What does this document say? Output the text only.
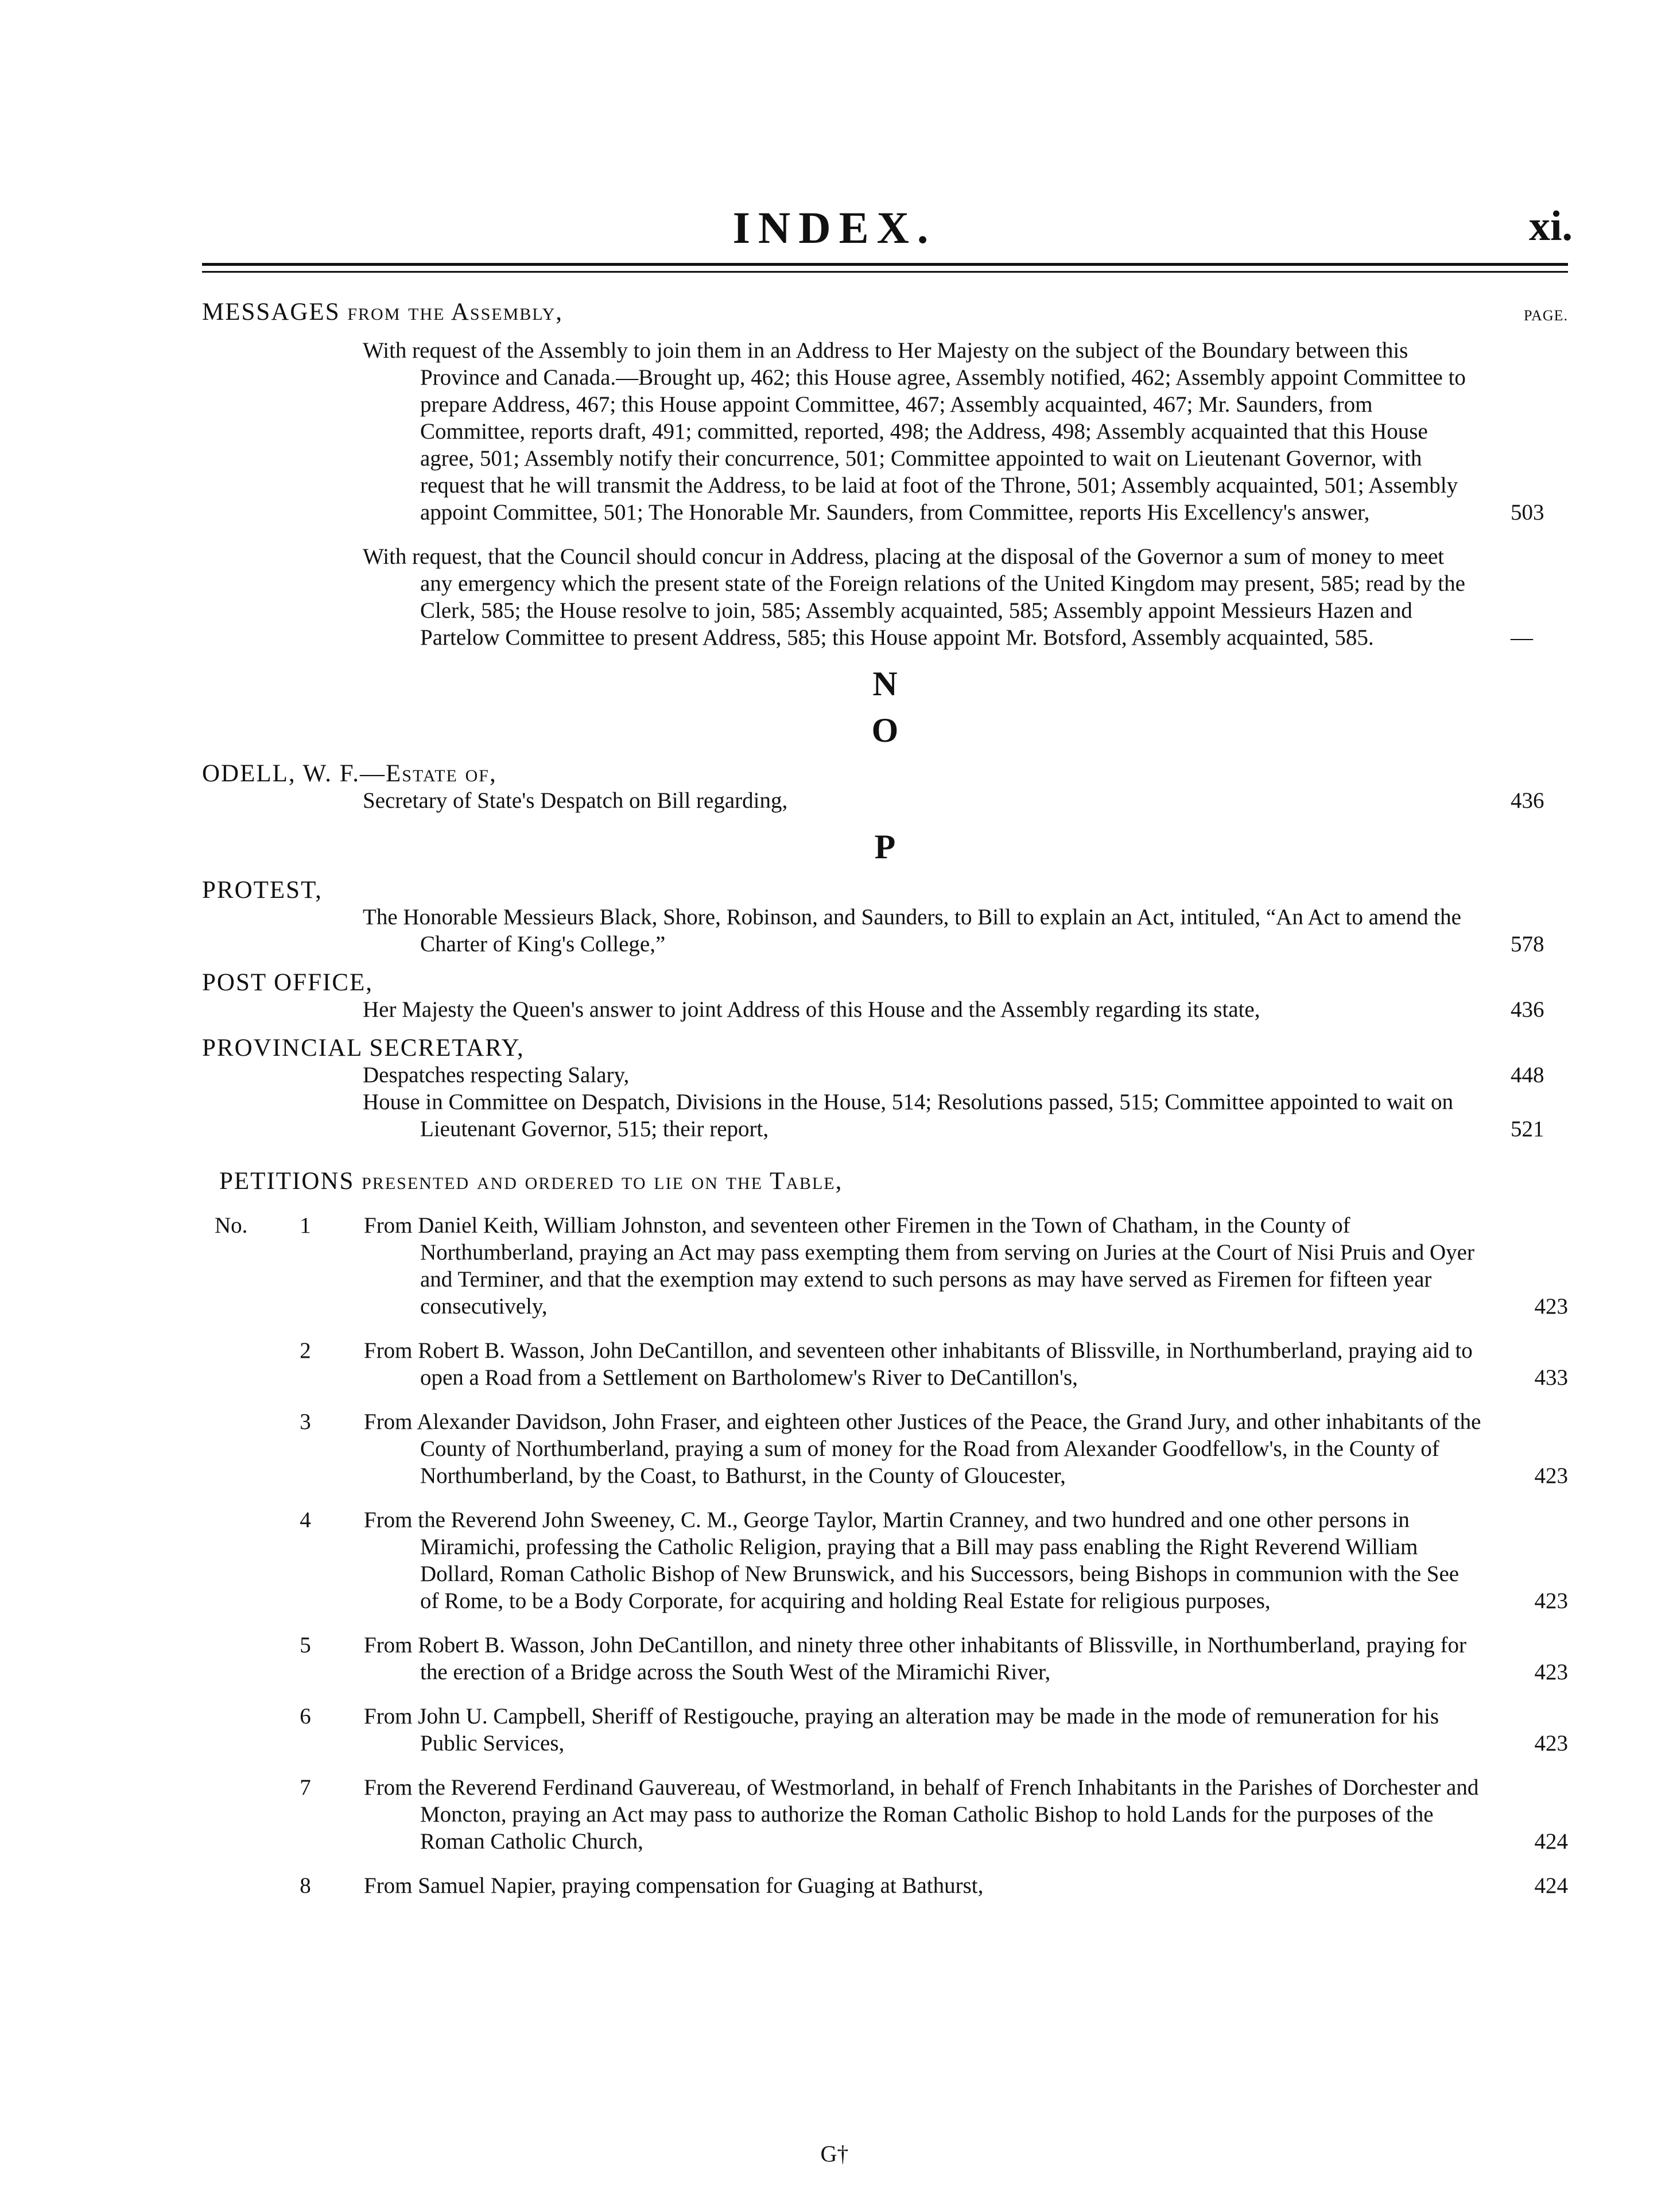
INDEX.	xi.
MESSAGES from the Assembly,	PAGE.
With request of the Assembly to join them in an Address to Her Majesty on the subject of the Boundary between this Province and Canada.—Brought up, 462; this House agree, Assembly notified, 462; Assembly appoint Committee to prepare Address, 467; this House appoint Committee, 467; Assembly acquainted, 467; Mr. Saunders, from Committee, reports draft, 491; committed, reported, 498; the Address, 498; Assembly acquainted that this House agree, 501; Assembly notify their concurrence, 501; Committee appointed to wait on Lieutenant Governor, with request that he will transmit the Address, to be laid at foot of the Throne, 501; Assembly acquainted, 501; Assembly appoint Committee, 501; The Honorable Mr. Saunders, from Committee, reports His Excellency's answer,	503
With request, that the Council should concur in Address, placing at the disposal of the Governor a sum of money to meet any emergency which the present state of the Foreign relations of the United Kingdom may present, 585; read by the Clerk, 585; the House resolve to join, 585; Assembly acquainted, 585; Assembly appoint Messieurs Hazen and Partelow Committee to present Address, 585; this House appoint Mr. Botsford, Assembly acquainted, 585.	—
N
O
ODELL, W. F.—Estate of,
Secretary of State's Despatch on Bill regarding,	436
P
PROTEST,
The Honorable Messieurs Black, Shore, Robinson, and Saunders, to Bill to explain an Act, intituled, “An Act to amend the Charter of King's College,”	578
POST OFFICE,
Her Majesty the Queen's answer to joint Address of this House and the Assembly regarding its state,	436
PROVINCIAL SECRETARY,
Despatches respecting Salary,	448
House in Committee on Despatch, Divisions in the House, 514; Resolutions passed, 515; Committee appointed to wait on Lieutenant Governor, 515; their report,	521
PETITIONS presented and ordered to lie on the Table,
No.	1	From Daniel Keith, William Johnston, and seventeen other Firemen in the Town of Chatham, in the County of Northumberland, praying an Act may pass exempting them from serving on Juries at the Court of Nisi Pruis and Oyer and Terminer, and that the exemption may extend to such persons as may have served as Firemen for fifteen year consecutively,	423
2	From Robert B. Wasson, John DeCantillon, and seventeen other inhabitants of Blissville, in Northumberland, praying aid to open a Road from a Settlement on Bartholomew's River to DeCantillon's,	433
3	From Alexander Davidson, John Fraser, and eighteen other Justices of the Peace, the Grand Jury, and other inhabitants of the County of Northumberland, praying a sum of money for the Road from Alexander Goodfellow's, in the County of Northumberland, by the Coast, to Bathurst, in the County of Gloucester,	423
4	From the Reverend John Sweeney, C. M., George Taylor, Martin Cranney, and two hundred and one other persons in Miramichi, professing the Catholic Religion, praying that a Bill may pass enabling the Right Reverend William Dollard, Roman Catholic Bishop of New Brunswick, and his Successors, being Bishops in communion with the See of Rome, to be a Body Corporate, for acquiring and holding Real Estate for religious purposes,	423
5	From Robert B. Wasson, John DeCantillon, and ninety three other inhabitants of Blissville, in Northumberland, praying for the erection of a Bridge across the South West of the Miramichi River,	423
6	From John U. Campbell, Sheriff of Restigouche, praying an alteration may be made in the mode of remuneration for his Public Services,	423
7	From the Reverend Ferdinand Gauvereau, of Westmorland, in behalf of French Inhabitants in the Parishes of Dorchester and Moncton, praying an Act may pass to authorize the Roman Catholic Bishop to hold Lands for the purposes of the Roman Catholic Church,	424
8	From Samuel Napier, praying compensation for Guaging at Bathurst,	424
G†
